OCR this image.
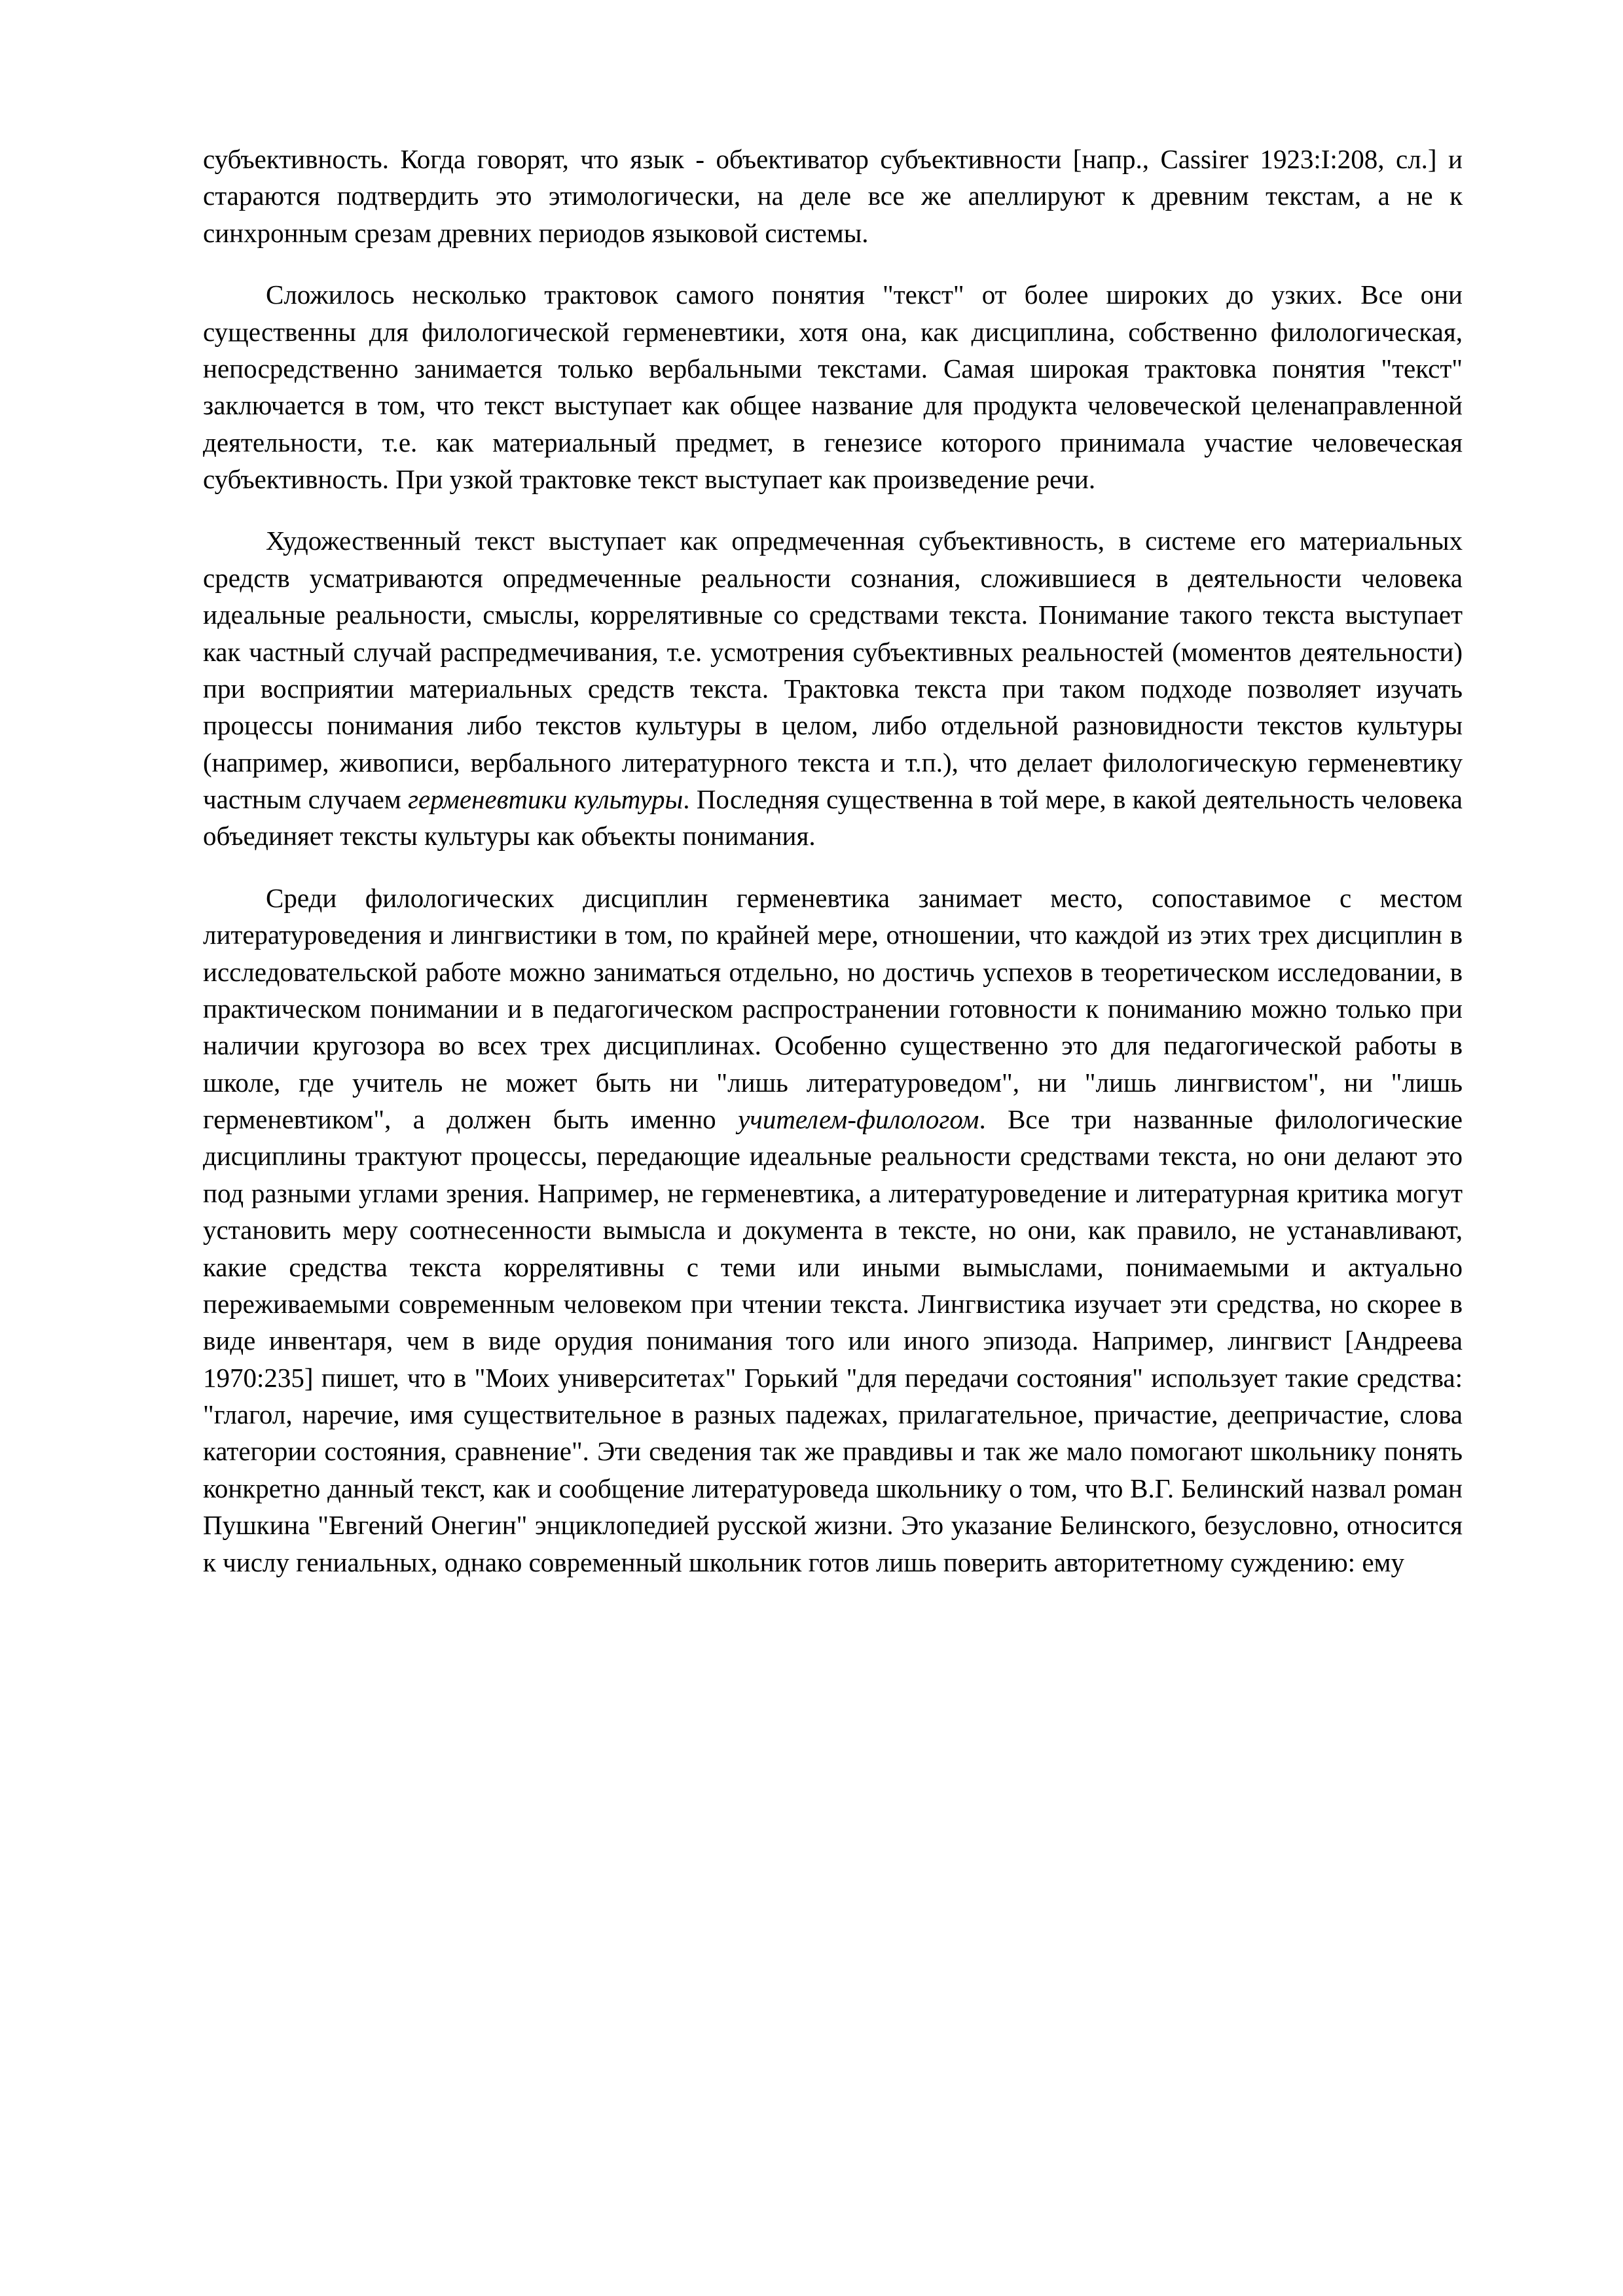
субъективность. Когда говорят, что язык - объективатор субъективности [напр., Cassirer 1923:I:208, сл.] и стараются подтвердить это этимологически, на деле все же апеллируют к древним текстам, а не к синхронным срезам древних периодов языковой системы.

Сложилось несколько трактовок самого понятия "текст" от более широких до узких. Все они существенны для филологической герменевтики, хотя она, как дисциплина, собственно филологическая, непосредственно занимается только вербальными текстами. Самая широкая трактовка понятия "текст" заключается в том, что текст выступает как общее название для продукта человеческой целенаправленной деятельности, т.е. как материальный предмет, в генезисе которого принимала участие человеческая субъективность. При узкой трактовке текст выступает как произведение речи.

Художественный текст выступает как опредмеченная субъективность, в системе его материальных средств усматриваются опредмеченные реальности сознания, сложившиеся в деятельности человека идеальные реальности, смыслы, коррелятивные со средствами текста. Понимание такого текста выступает как частный случай распредмечивания, т.е. усмотрения субъективных реальностей (моментов деятельности) при восприятии материальных средств текста. Трактовка текста при таком подходе позволяет изучать процессы понимания либо текстов культуры в целом, либо отдельной разновидности текстов культуры (например, живописи, вербального литературного текста и т.п.), что делает филологическую герменевтику частным случаем герменевтики культуры. Последняя существенна в той мере, в какой деятельность человека объединяет тексты культуры как объекты понимания.

Среди филологических дисциплин герменевтика занимает место, сопоставимое с местом литературоведения и лингвистики в том, по крайней мере, отношении, что каждой из этих трех дисциплин в исследовательской работе можно заниматься отдельно, но достичь успехов в теоретическом исследовании, в практическом понимании и в педагогическом распространении готовности к пониманию можно только при наличии кругозора во всех трех дисциплинах. Особенно существенно это для педагогической работы в школе, где учитель не может быть ни "лишь литературоведом", ни "лишь лингвистом", ни "лишь герменевтиком", а должен быть именно учителем-филологом. Все три названные филологические дисциплины трактуют процессы, передающие идеальные реальности средствами текста, но они делают это под разными углами зрения. Например, не герменевтика, а литературоведение и литературная критика могут установить меру соотнесенности вымысла и документа в тексте, но они, как правило, не устанавливают, какие средства текста коррелятивны с теми или иными вымыслами, понимаемыми и актуально переживаемыми современным человеком при чтении текста. Лингвистика изучает эти средства, но скорее в виде инвентаря, чем в виде орудия понимания того или иного эпизода. Например, лингвист [Андреева 1970:235] пишет, что в "Моих университетах" Горький "для передачи состояния" использует такие средства: "глагол, наречие, имя существительное в разных падежах, прилагательное, причастие, деепричастие, слова категории состояния, сравнение". Эти сведения так же правдивы и так же мало помогают школьнику понять конкретно данный текст, как и сообщение литературоведа школьнику о том, что В.Г. Белинский назвал роман Пушкина "Евгений Онегин" энциклопедией русской жизни. Это указание Белинского, безусловно, относится к числу гениальных, однако современный школьник готов лишь поверить авторитетному суждению: ему
